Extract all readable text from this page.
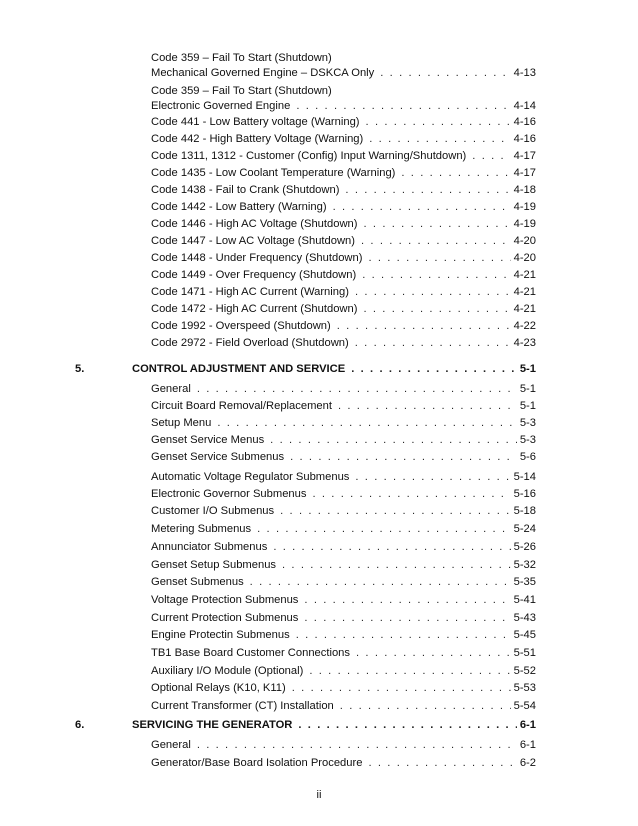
Code 359 – Fail To Start (Shutdown)
Mechanical Governed Engine – DSKCA Only . . .	4-13
Code 359 – Fail To Start (Shutdown)
Electronic Governed Engine . . .	4-14
Code 441 - Low Battery voltage (Warning) . . .	4-16
Code 442 - High Battery Voltage (Warning) . . .	4-16
Code 1311, 1312 - Customer (Config) Input Warning/Shutdown) . . .	4-17
Code 1435 - Low Coolant Temperature (Warning) . . .	4-17
Code 1438 - Fail to Crank (Shutdown) . . .	4-18
Code 1442 - Low Battery (Warning) . . .	4-19
Code 1446 - High AC Voltage (Shutdown) . . .	4-19
Code 1447 - Low AC Voltage (Shutdown) . . .	4-20
Code 1448 - Under Frequency (Shutdown) . . .	4-20
Code 1449 - Over Frequency (Shutdown) . . .	4-21
Code 1471 - High AC Current (Warning) . . .	4-21
Code 1472 - High AC Current (Shutdown) . . .	4-21
Code 1992 - Overspeed (Shutdown) . . .	4-22
Code 2972 - Field Overload (Shutdown) . . .	4-23
5.	CONTROL ADJUSTMENT AND SERVICE . . .	5-1
General . . .	5-1
Circuit Board Removal/Replacement . . .	5-1
Setup Menu . . .	5-3
Genset Service Menus . . .	5-3
Genset Service Submenus . . .	5-6
Automatic Voltage Regulator Submenus . . .	5-14
Electronic Governor Submenus . . .	5-16
Customer I/O Submenus . . .	5-18
Metering Submenus . . .	5-24
Annunciator Submenus . . .	5-26
Genset Setup Submenus . . .	5-32
Genset Submenus . . .	5-35
Voltage Protection Submenus . . .	5-41
Current Protection Submenus . . .	5-43
Engine Protectin Submenus . . .	5-45
TB1 Base Board Customer Connections . . .	5-51
Auxiliary I/O Module (Optional) . . .	5-52
Optional Relays (K10, K11) . . .	5-53
Current Transformer (CT) Installation . . .	5-54
6.	SERVICING THE GENERATOR . . .	6-1
General . . .	6-1
Generator/Base Board Isolation Procedure . . .	6-2
ii
